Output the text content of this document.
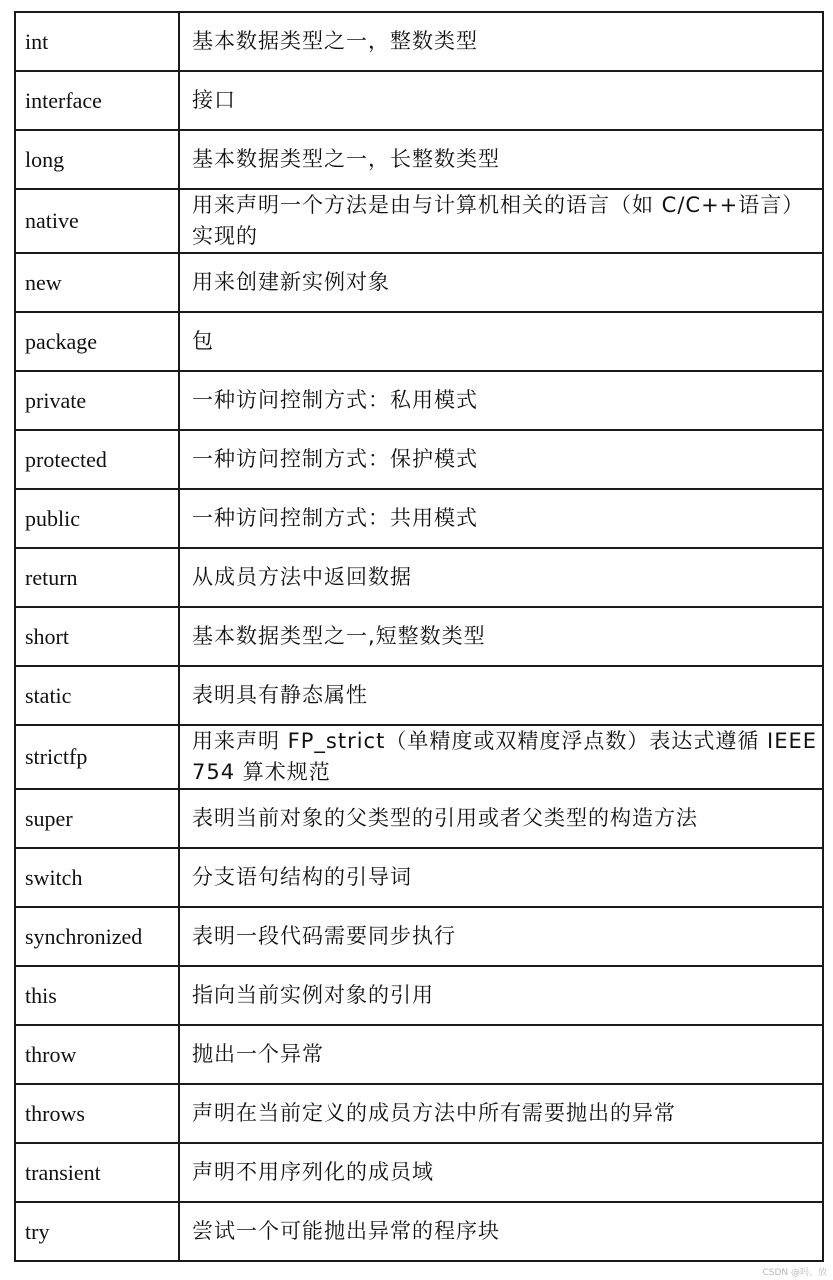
int	基本数据类型之一，整数类型
interface	接口
long	基本数据类型之一，长整数类型
native	用来声明一个方法是由与计算机相关的语言（如 C/C++语言）实现的
new	用来创建新实例对象
package	包
private	一种访问控制方式：私用模式
protected	一种访问控制方式：保护模式
public	一种访问控制方式：共用模式
return	从成员方法中返回数据
short	基本数据类型之一,短整数类型
static	表明具有静态属性
strictfp	用来声明 FP_strict（单精度或双精度浮点数）表达式遵循 IEEE 754 算术规范
super	表明当前对象的父类型的引用或者父类型的构造方法
switch	分支语句结构的引导词
synchronized	表明一段代码需要同步执行
this	指向当前实例对象的引用
throw	抛出一个异常
throws	声明在当前定义的成员方法中所有需要抛出的异常
transient	声明不用序列化的成员域
try	尝试一个可能抛出异常的程序块
CSDN @吗、放
